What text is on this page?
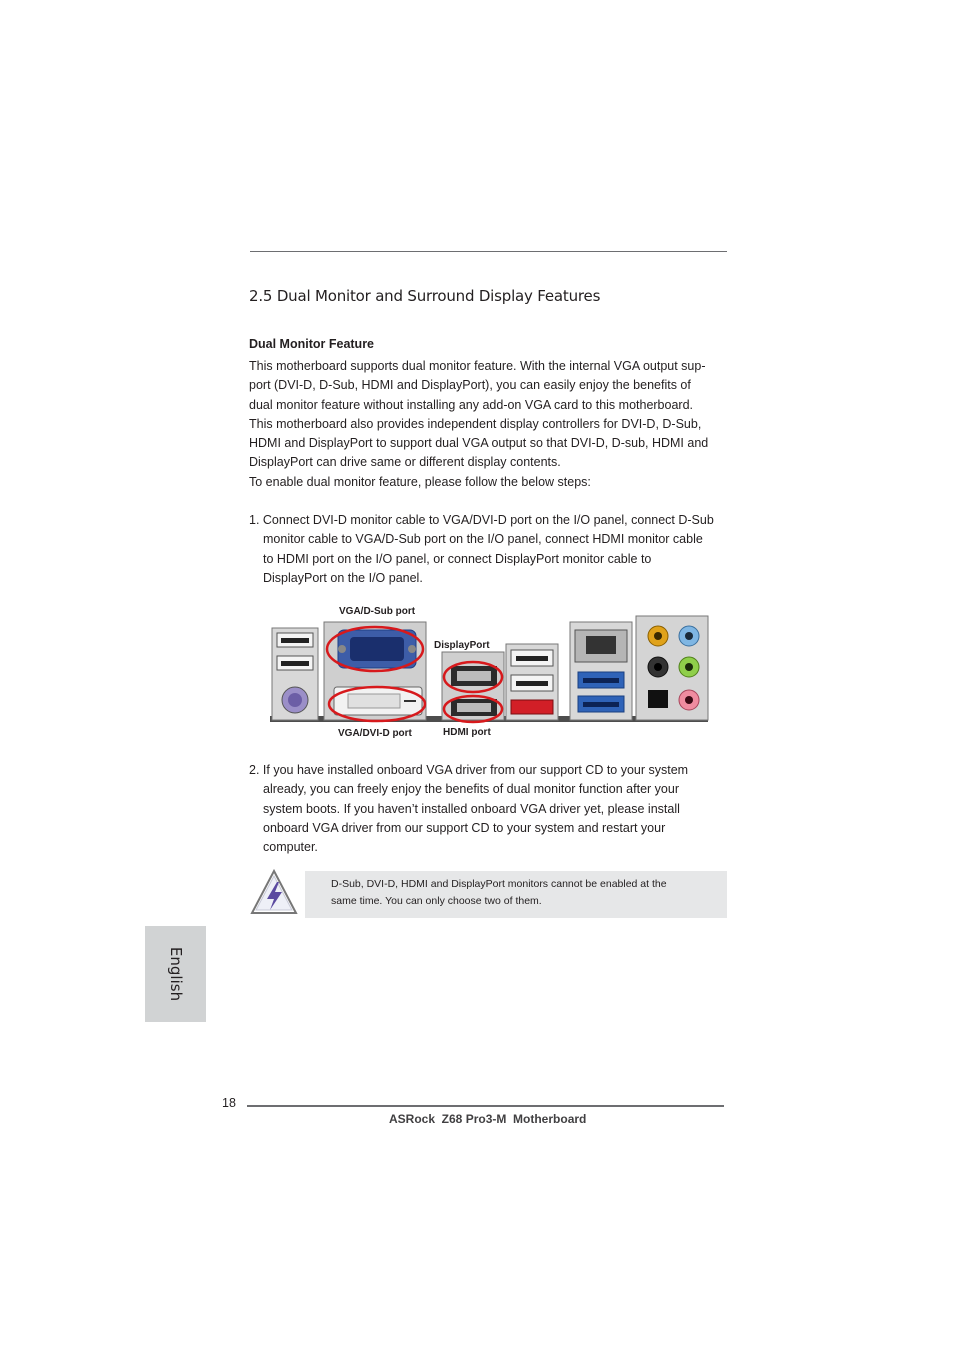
2.5 Dual Monitor and Surround Display Features
Dual Monitor Feature

This motherboard supports dual monitor feature. With the internal VGA output sup-

port (DVI-D, D-Sub, HDMI and DisplayPort), you can easily enjoy the benefits of

dual monitor feature without installing any add-on VGA card to this motherboard.

This motherboard also provides independent display controllers for DVI-D, D-Sub,

HDMI and DisplayPort to support dual VGA output so that DVI-D, D-sub, HDMI and

DisplayPort can drive same or different display contents.

To enable dual monitor feature, please follow the below steps:

1. Connect DVI-D monitor cable to VGA/DVI-D port on the I/O panel, connect D-Sub

monitor cable to VGA/D-Sub port on the I/O panel, connect HDMI monitor cable

to HDMI port on the I/O panel, or connect DisplayPort monitor cable to

DisplayPort on the I/O panel.

VGA/D-Sub port
DisplayPort
VGA/DVI-D port	HDMI port

2. If you have installed onboard VGA driver from our support CD to your system

already, you can freely enjoy the benefits of dual monitor function after your

system boots. If you haven’t installed onboard VGA driver yet, please install

onboard VGA driver from our support CD to your system and restart your

computer.

D-Sub, DVI-D, HDMI and DisplayPort monitors cannot be enabled at the

same time. You can only choose two of them.

English
18
ASRock  Z68 Pro3-M  Motherboard
